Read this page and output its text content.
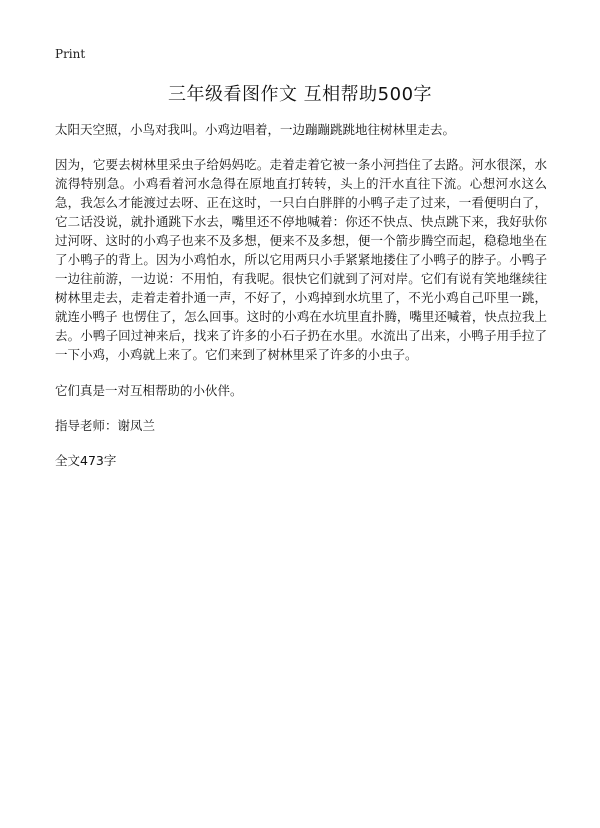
Print
三年级看图作文 互相帮助500字

太阳天空照，小鸟对我叫。小鸡边唱着，一边蹦蹦跳跳地往树林里走去。

因为，它要去树林里采虫子给妈妈吃。走着走着它被一条小河挡住了去路。河水很深，水流得特别急。小鸡看着河水急得在原地直打转转，头上的汗水直往下流。心想河水这么急，我怎么才能渡过去呀、正在这时，一只白白胖胖的小鸭子走了过来，一看便明白了，它二话没说，就扑通跳下水去，嘴里还不停地喊着：你还不快点、快点跳下来，我好驮你过河呀、这时的小鸡子也来不及多想，便来不及多想，便一个箭步腾空而起，稳稳地坐在了小鸭子的背上。因为小鸡怕水，所以它用两只小手紧紧地搂住了小鸭子的脖子。小鸭子一边往前游，一边说：不用怕，有我呢。很快它们就到了河对岸。它们有说有笑地继续往树林里走去，走着走着扑通一声，不好了，小鸡掉到水坑里了，不光小鸡自己吓里一跳，就连小鸭子 也愣住了，怎么回事。这时的小鸡在水坑里直扑腾，嘴里还喊着，快点拉我上去。小鸭子回过神来后，找来了许多的小石子扔在水里。水流出了出来，小鸭子用手拉了一下小鸡，小鸡就上来了。它们来到了树林里采了许多的小虫子。

它们真是一对互相帮助的小伙伴。

指导老师：谢凤兰

全文473字
